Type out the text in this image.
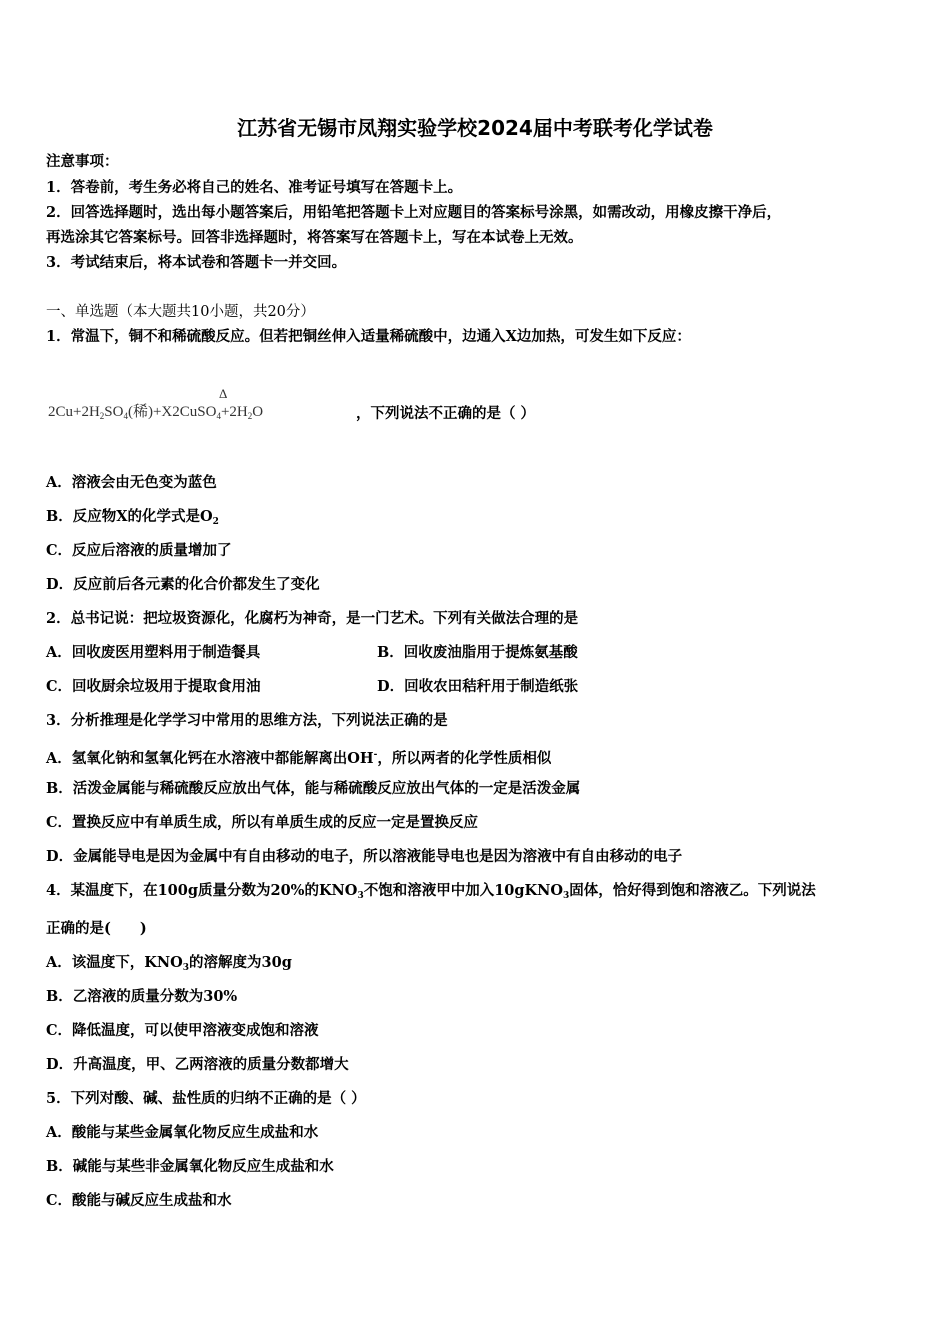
江苏省无锡市凤翔实验学校2024届中考联考化学试卷
注意事项：
1．答卷前，考生务必将自己的姓名、准考证号填写在答题卡上。
2．回答选择题时，选出每小题答案后，用铅笔把答题卡上对应题目的答案标号涂黑，如需改动，用橡皮擦干净后，
再选涂其它答案标号。回答非选择题时，将答案写在答题卡上，写在本试卷上无效。
3．考试结束后，将本试卷和答题卡一并交回。
一、单选题（本大题共10小题，共20分）
1．常温下，铜不和稀硫酸反应。但若把铜丝伸入适量稀硫酸中，边通入X边加热，可发生如下反应：
Δ
$2Cu+2H_2SO_4$(稀)$+X2CuSO_4+2H_2O$	，下列说法不正确的是（ ）
A．溶液会由无色变为蓝色
B．反应物X的化学式是$O_2$
C．反应后溶液的质量增加了
D．反应前后各元素的化合价都发生了变化
2．总书记说：把垃圾资源化，化腐朽为神奇，是一门艺术。下列有关做法合理的是
A．回收废医用塑料用于制造餐具	B．回收废油脂用于提炼氨基酸
C．回收厨余垃圾用于提取食用油	D．回收农田秸秆用于制造纸张
3．分析推理是化学学习中常用的思维方法，下列说法正确的是
A．氢氧化钠和氢氧化钙在水溶液中都能解离出OH-，所以两者的化学性质相似
B．活泼金属能与稀硫酸反应放出气体，能与稀硫酸反应放出气体的一定是活泼金属
C．置换反应中有单质生成，所以有单质生成的反应一定是置换反应
D．金属能导电是因为金属中有自由移动的电子，所以溶液能导电也是因为溶液中有自由移动的电子
4．某温度下，在100g质量分数为20%的$KNO_3$不饱和溶液甲中加入10gKNO$_3$固体，恰好得到饱和溶液乙。下列说法
正确的是(　　)
A．该温度下，$KNO_3$的溶解度为30g
B．乙溶液的质量分数为30%
C．降低温度，可以使甲溶液变成饱和溶液
D．升高温度，甲、乙两溶液的质量分数都增大
5．下列对酸、碱、盐性质的归纳不正确的是（ ）
A．酸能与某些金属氧化物反应生成盐和水
B．碱能与某些非金属氧化物反应生成盐和水
C．酸能与碱反应生成盐和水
